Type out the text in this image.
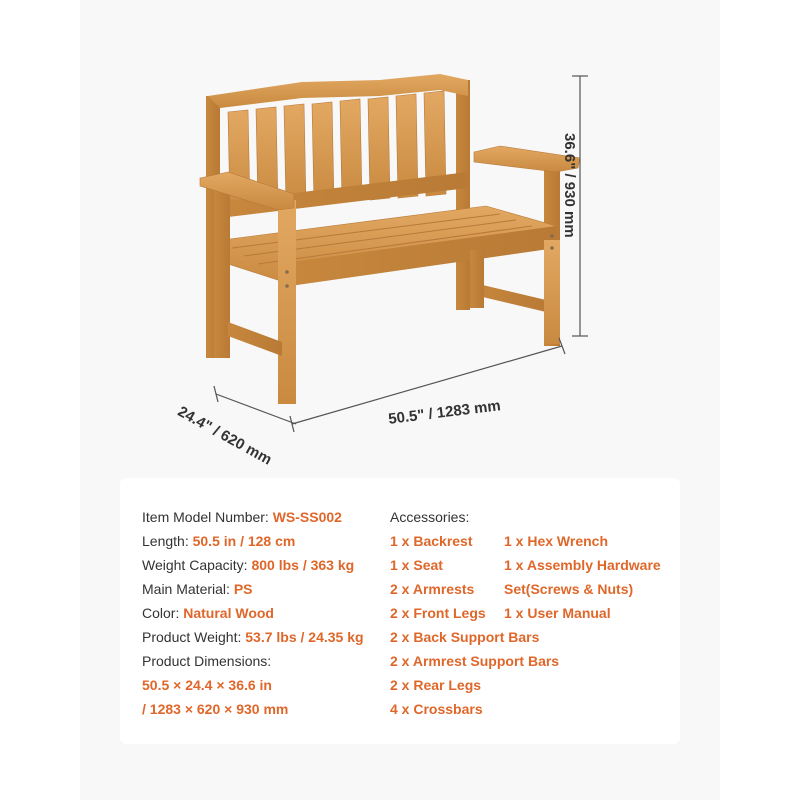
50.5" / 1283 mm
24.4" / 620 mm
36.6" / 930 mm
Item Model Number: WS-SS002
Length: 50.5 in / 128 cm
Weight Capacity: 800 lbs / 363 kg
Main Material: PS
Color: Natural Wood
Product Weight: 53.7 lbs / 24.35 kg
Product Dimensions:
50.5 × 24.4 × 36.6 in
/ 1283 × 620 × 930 mm
Accessories:
1 x Backrest
1 x Seat
2 x Armrests
2 x Front Legs
2 x Back Support Bars
2 x Armrest Support Bars
2 x Rear Legs
4 x Crossbars
1 x Hex Wrench
1 x Assembly Hardware
Set(Screws & Nuts)
1 x User Manual
